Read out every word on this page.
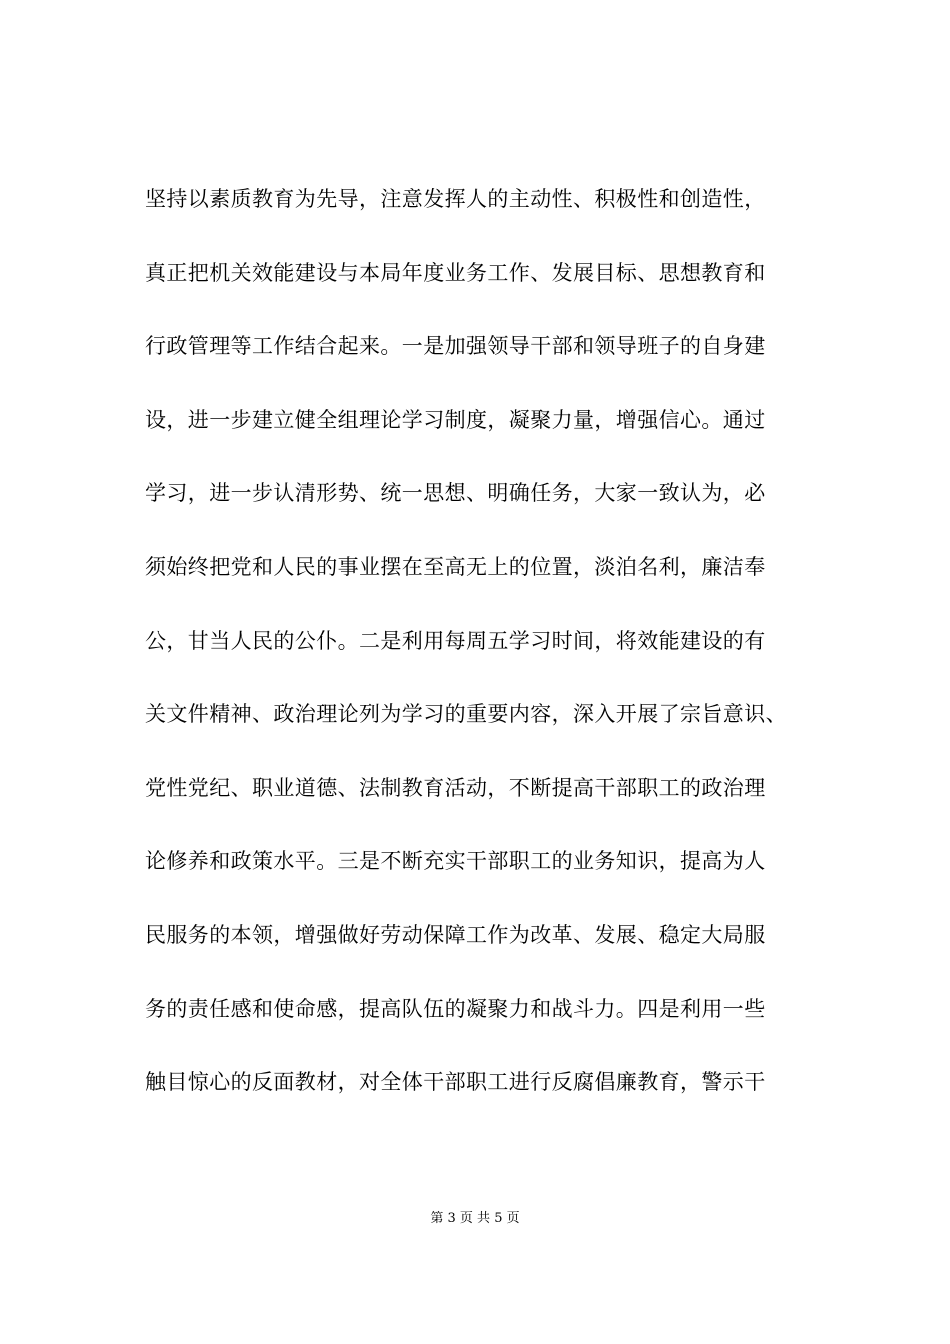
坚持以素质教育为先导，注意发挥人的主动性、积极性和创造性，
真正把机关效能建设与本局年度业务工作、发展目标、思想教育和
行政管理等工作结合起来。一是加强领导干部和领导班子的自身建
设，进一步建立健全组理论学习制度，凝聚力量，增强信心。通过
学习，进一步认清形势、统一思想、明确任务，大家一致认为，必
须始终把党和人民的事业摆在至高无上的位置，淡泊名利，廉洁奉
公，甘当人民的公仆。二是利用每周五学习时间，将效能建设的有
关文件精神、政治理论列为学习的重要内容，深入开展了宗旨意识、
党性党纪、职业道德、法制教育活动，不断提高干部职工的政治理
论修养和政策水平。三是不断充实干部职工的业务知识，提高为人
民服务的本领，增强做好劳动保障工作为改革、发展、稳定大局服
务的责任感和使命感，提高队伍的凝聚力和战斗力。四是利用一些
触目惊心的反面教材，对全体干部职工进行反腐倡廉教育，警示干
第 3 页 共 5 页
